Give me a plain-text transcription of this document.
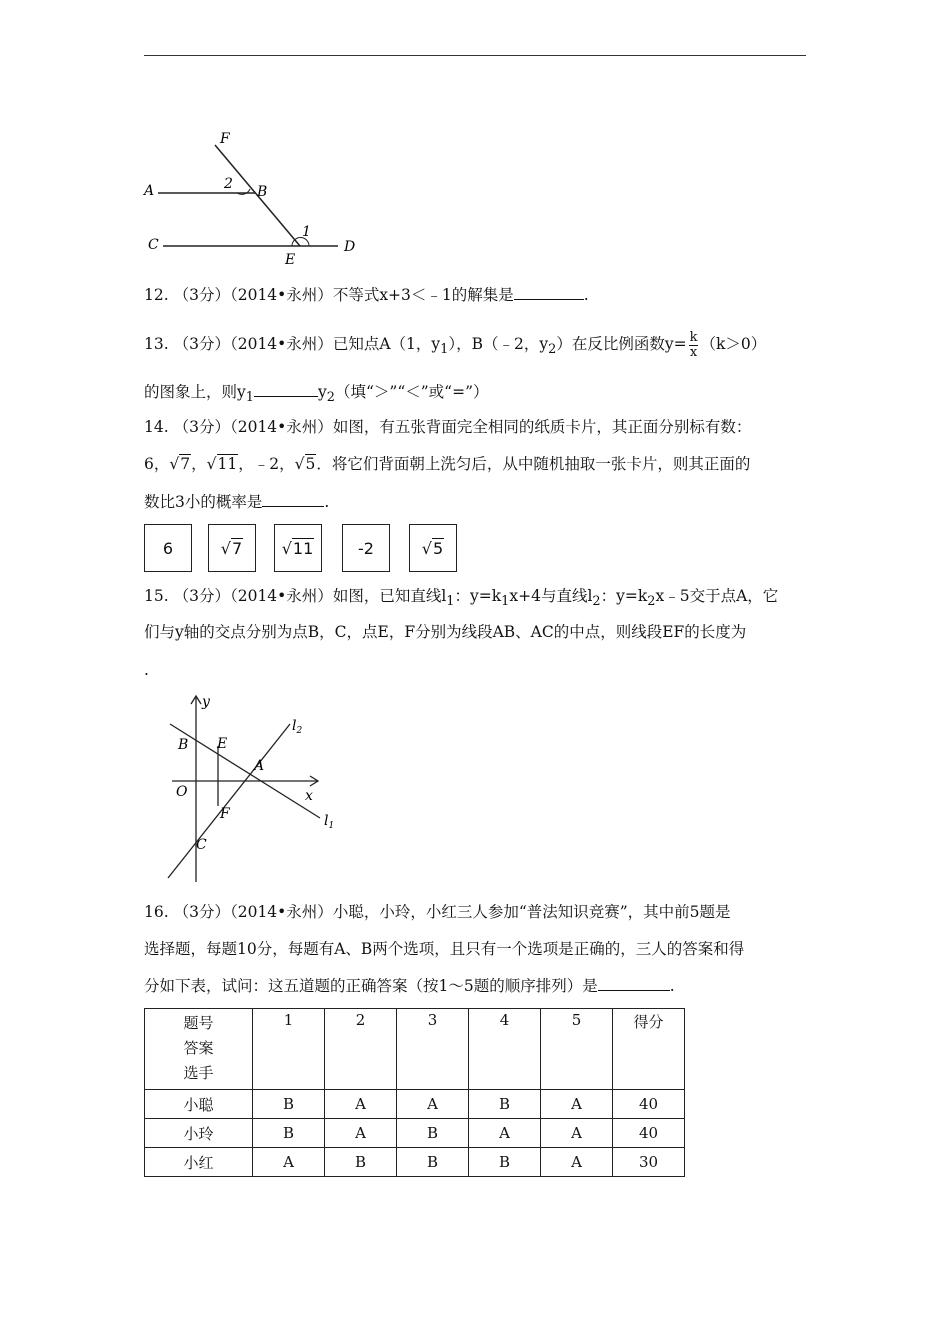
F
A	2 B
C
1
D
E
12. （3分）（2014•永州）不等式x+3＜﹣1的解集是	.
13. （3分）（2014•永州）已知点A（1，$y_1$），B（﹣2，$y_2$）在反比例函数$y= \frac{k}{x} (k>0)$
的图象上，则$y_1$	$y_2$（填“＞”“＜”或“=”）
14. （3分）（2014•永州）如图，有五张背面完全相同的纸质卡片，其正面分别标有数：
6，√7，√11，﹣2，√5．将它们背面朝上洗匀后，从中随机抽取一张卡片，则其正面的
数比3小的概率是	.
6	√7 √11	-2	√5
15. （3分）（2014•永州）如图，已知直线$l_1$：$y=k_1x+4$与直线$l_2$：$y=k_2x﹣5$交于点A，它
们与y轴的交点分别为点B，C，点E，F分别为线段AB、AC的中点，则线段EF的长度为
.
y
$l_2$
B E
A
O	x
F	$l_1$
C
16. （3分）（2014•永州）小聪，小玲，小红三人参加“普法知识竞赛”，其中前5题是
选择题，每题10分，每题有A、B两个选项，且只有一个选项是正确的，三人的答案和得
分如下表，试问：这五道题的正确答案（按1～5题的顺序排列）是	.
题号
答案
选手	1	2	3	4	5	得分
小聪	B	A	A	B	A	40
小玲	B	A	B	A	A	40
小红	A	B	B	B	A	30
